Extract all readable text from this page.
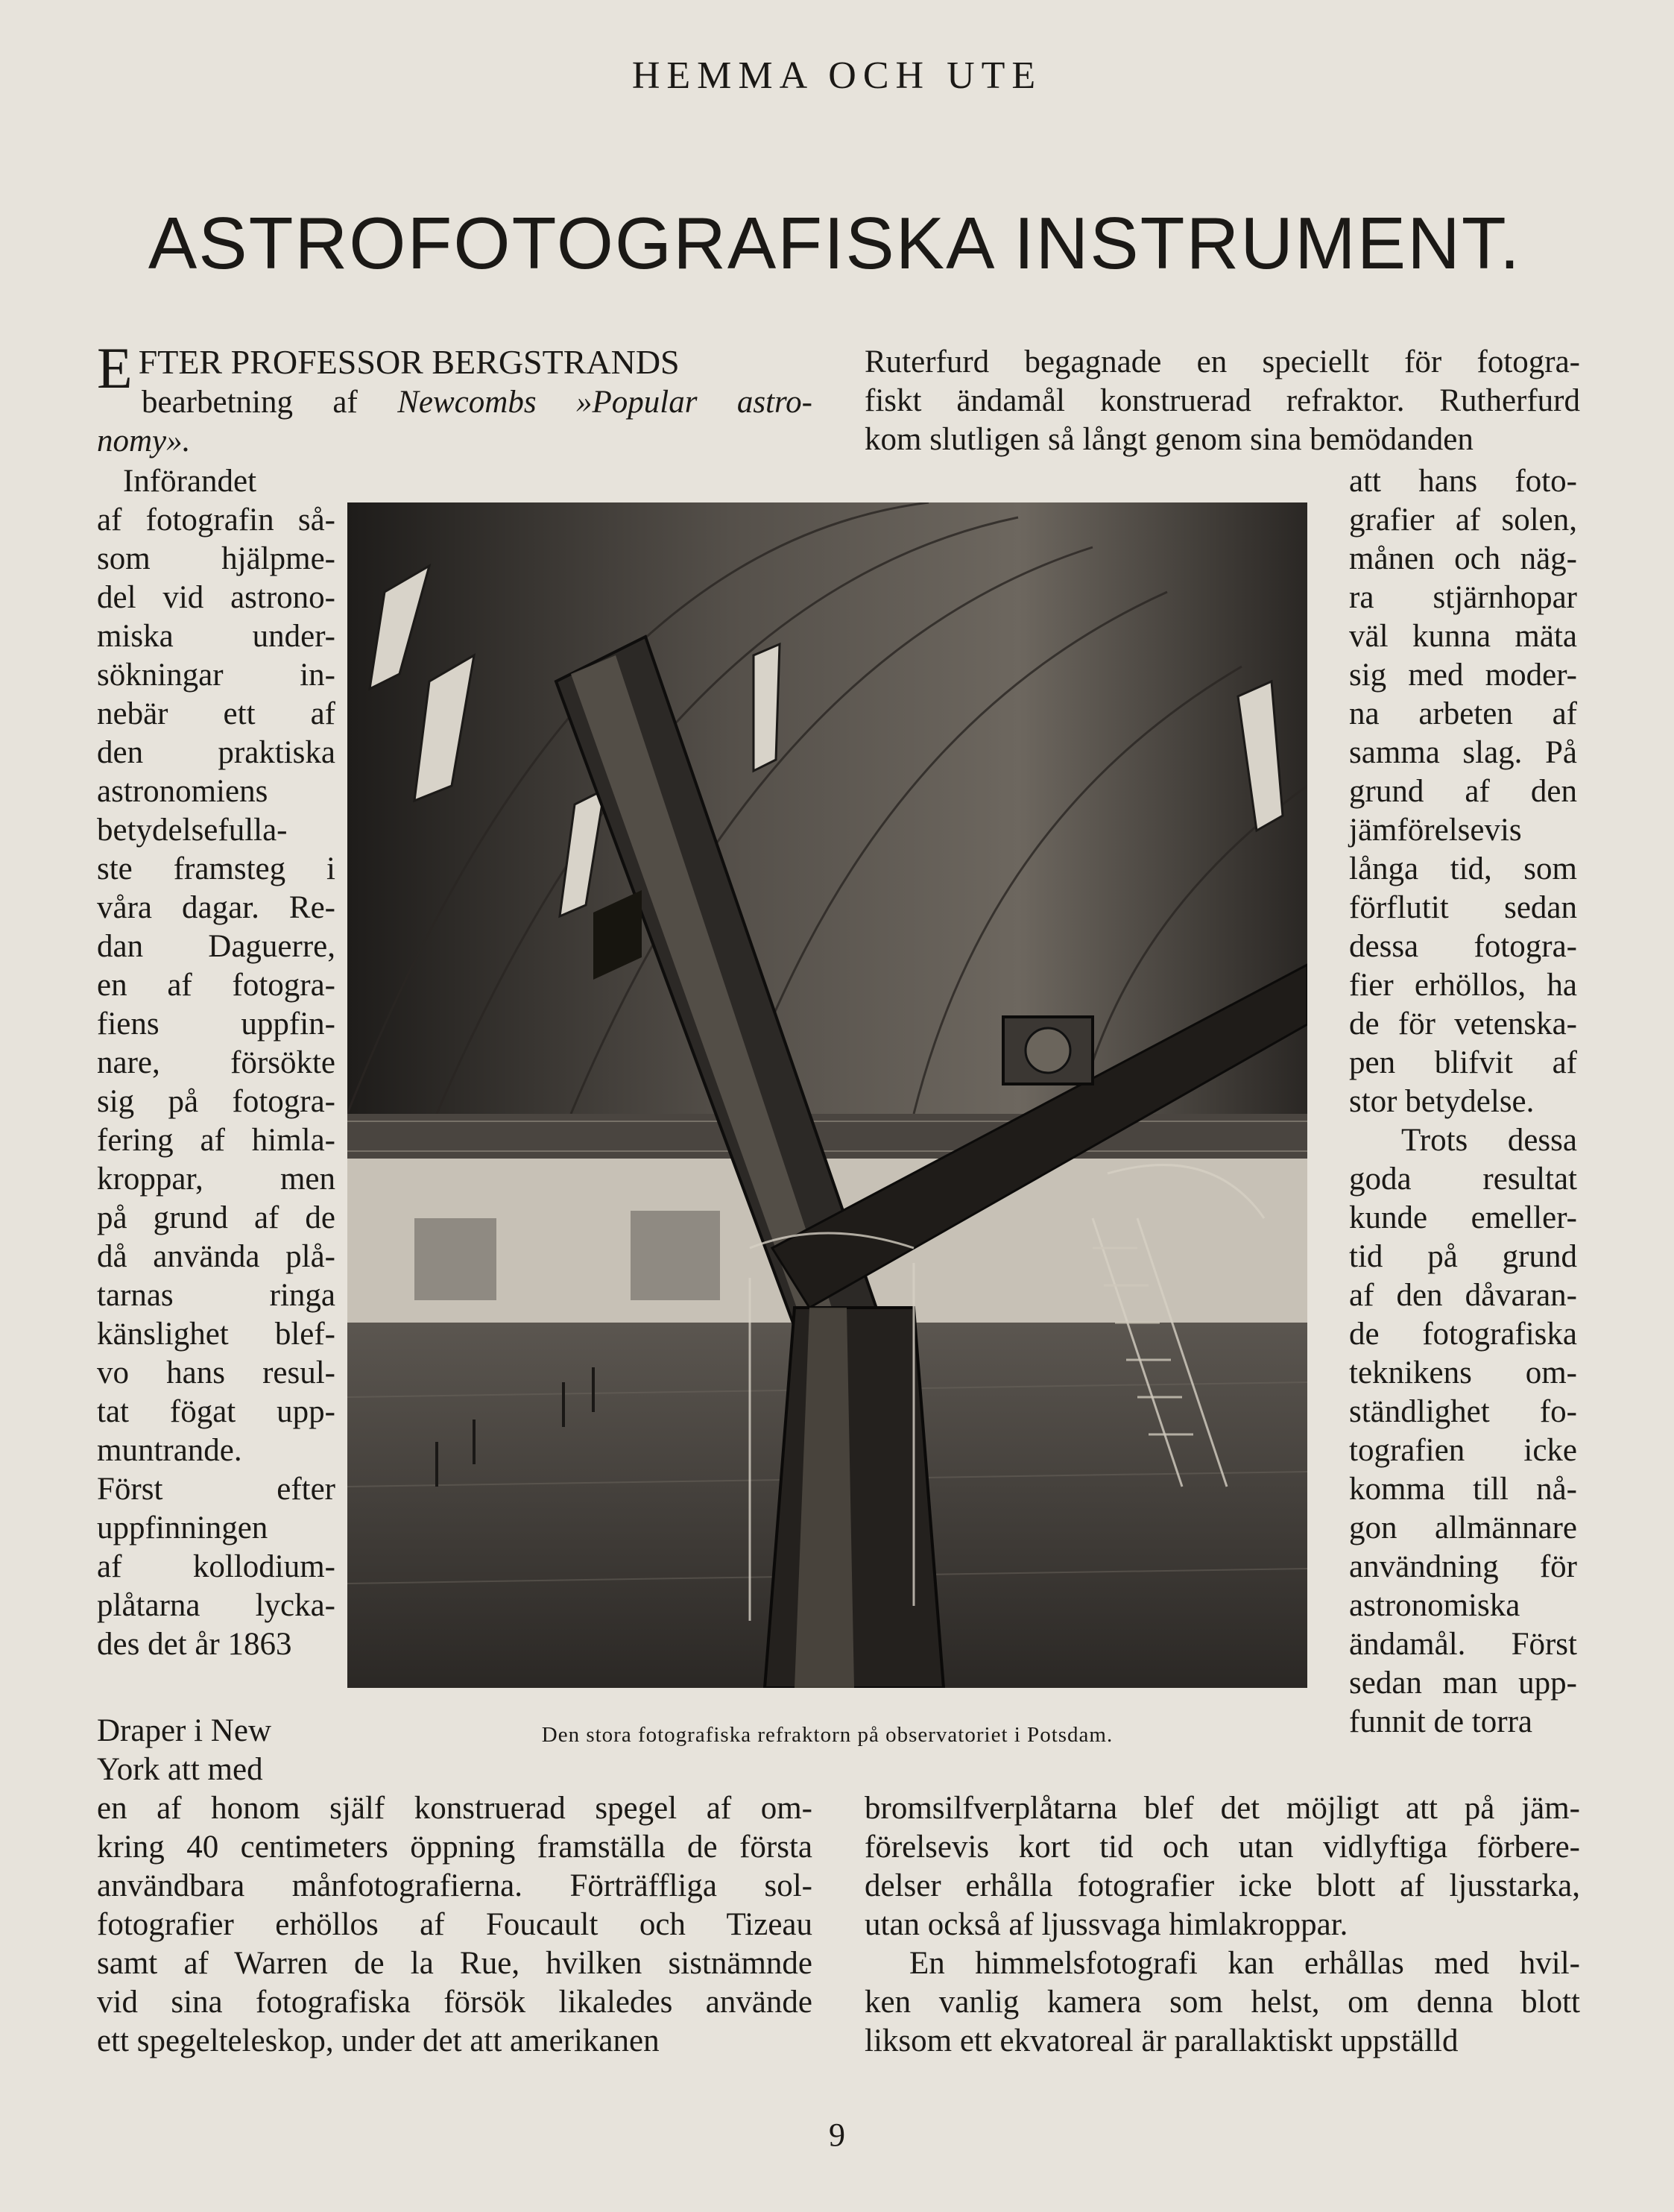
HEMMA OCH UTE
ASTROFOTOGRAFISKA INSTRUMENT.
EFTER PROFESSOR BERGSTRANDS
bearbetning af Newcombs »Popular astro-
nomy».
Införandet
af fotografin så-
som hjälpme-
del vid astrono-
miska under-
sökningar in-
nebär ett af
den praktiska
astronomiens
betydelsefulla-
ste framsteg i
våra dagar. Re-
dan Daguerre,
en af fotogra-
fiens uppfin-
nare, försökte
sig på fotogra-
fering af himla-
kroppar, men
på grund af de
då använda plå-
tarnas ringa
känslighet blef-
vo hans resul-
tat fögat upp-
muntrande.
Först efter
uppfinningen
af kollodium-
plåtarna lycka-
des det år 1863
Draper i New
York att med
Ruterfurd begagnade en speciellt för fotogra-
fiskt ändamål konstruerad refraktor. Rutherfurd
kom slutligen så långt genom sina bemödanden
att hans foto-
grafier af solen,
månen och näg-
ra stjärnhopar
väl kunna mäta
sig med moder-
na arbeten af
samma slag. På
grund af den
jämförelsevis
långa tid, som
förflutit sedan
dessa fotogra-
fier erhöllos, ha
de för vetenska-
pen blifvit af
stor betydelse.
Trots dessa
goda resultat
kunde emeller-
tid på grund
af den dåvaran-
de fotografiska
teknikens om-
ständlighet fo-
tografien icke
komma till nå-
gon allmännare
användning för
astronomiska
ändamål. Först
sedan man upp-
funnit de torra
Den stora fotografiska refraktorn på observatoriet i Potsdam.
en af honom själf konstruerad spegel af om-
kring 40 centimeters öppning framställa de första
användbara månfotografierna. Förträffliga sol-
fotografier erhöllos af Foucault och Tizeau
samt af Warren de la Rue, hvilken sistnämnde
vid sina fotografiska försök likaledes använde
ett spegelteleskop, under det att amerikanen
bromsilfverplåtarna blef det möjligt att på jäm-
förelsevis kort tid och utan vidlyftiga förbere-
delser erhålla fotografier icke blott af ljusstarka,
utan också af ljussvaga himlakroppar.
En himmelsfotografi kan erhållas med hvil-
ken vanlig kamera som helst, om denna blott
liksom ett ekvatoreal är parallaktiskt uppställd
9
